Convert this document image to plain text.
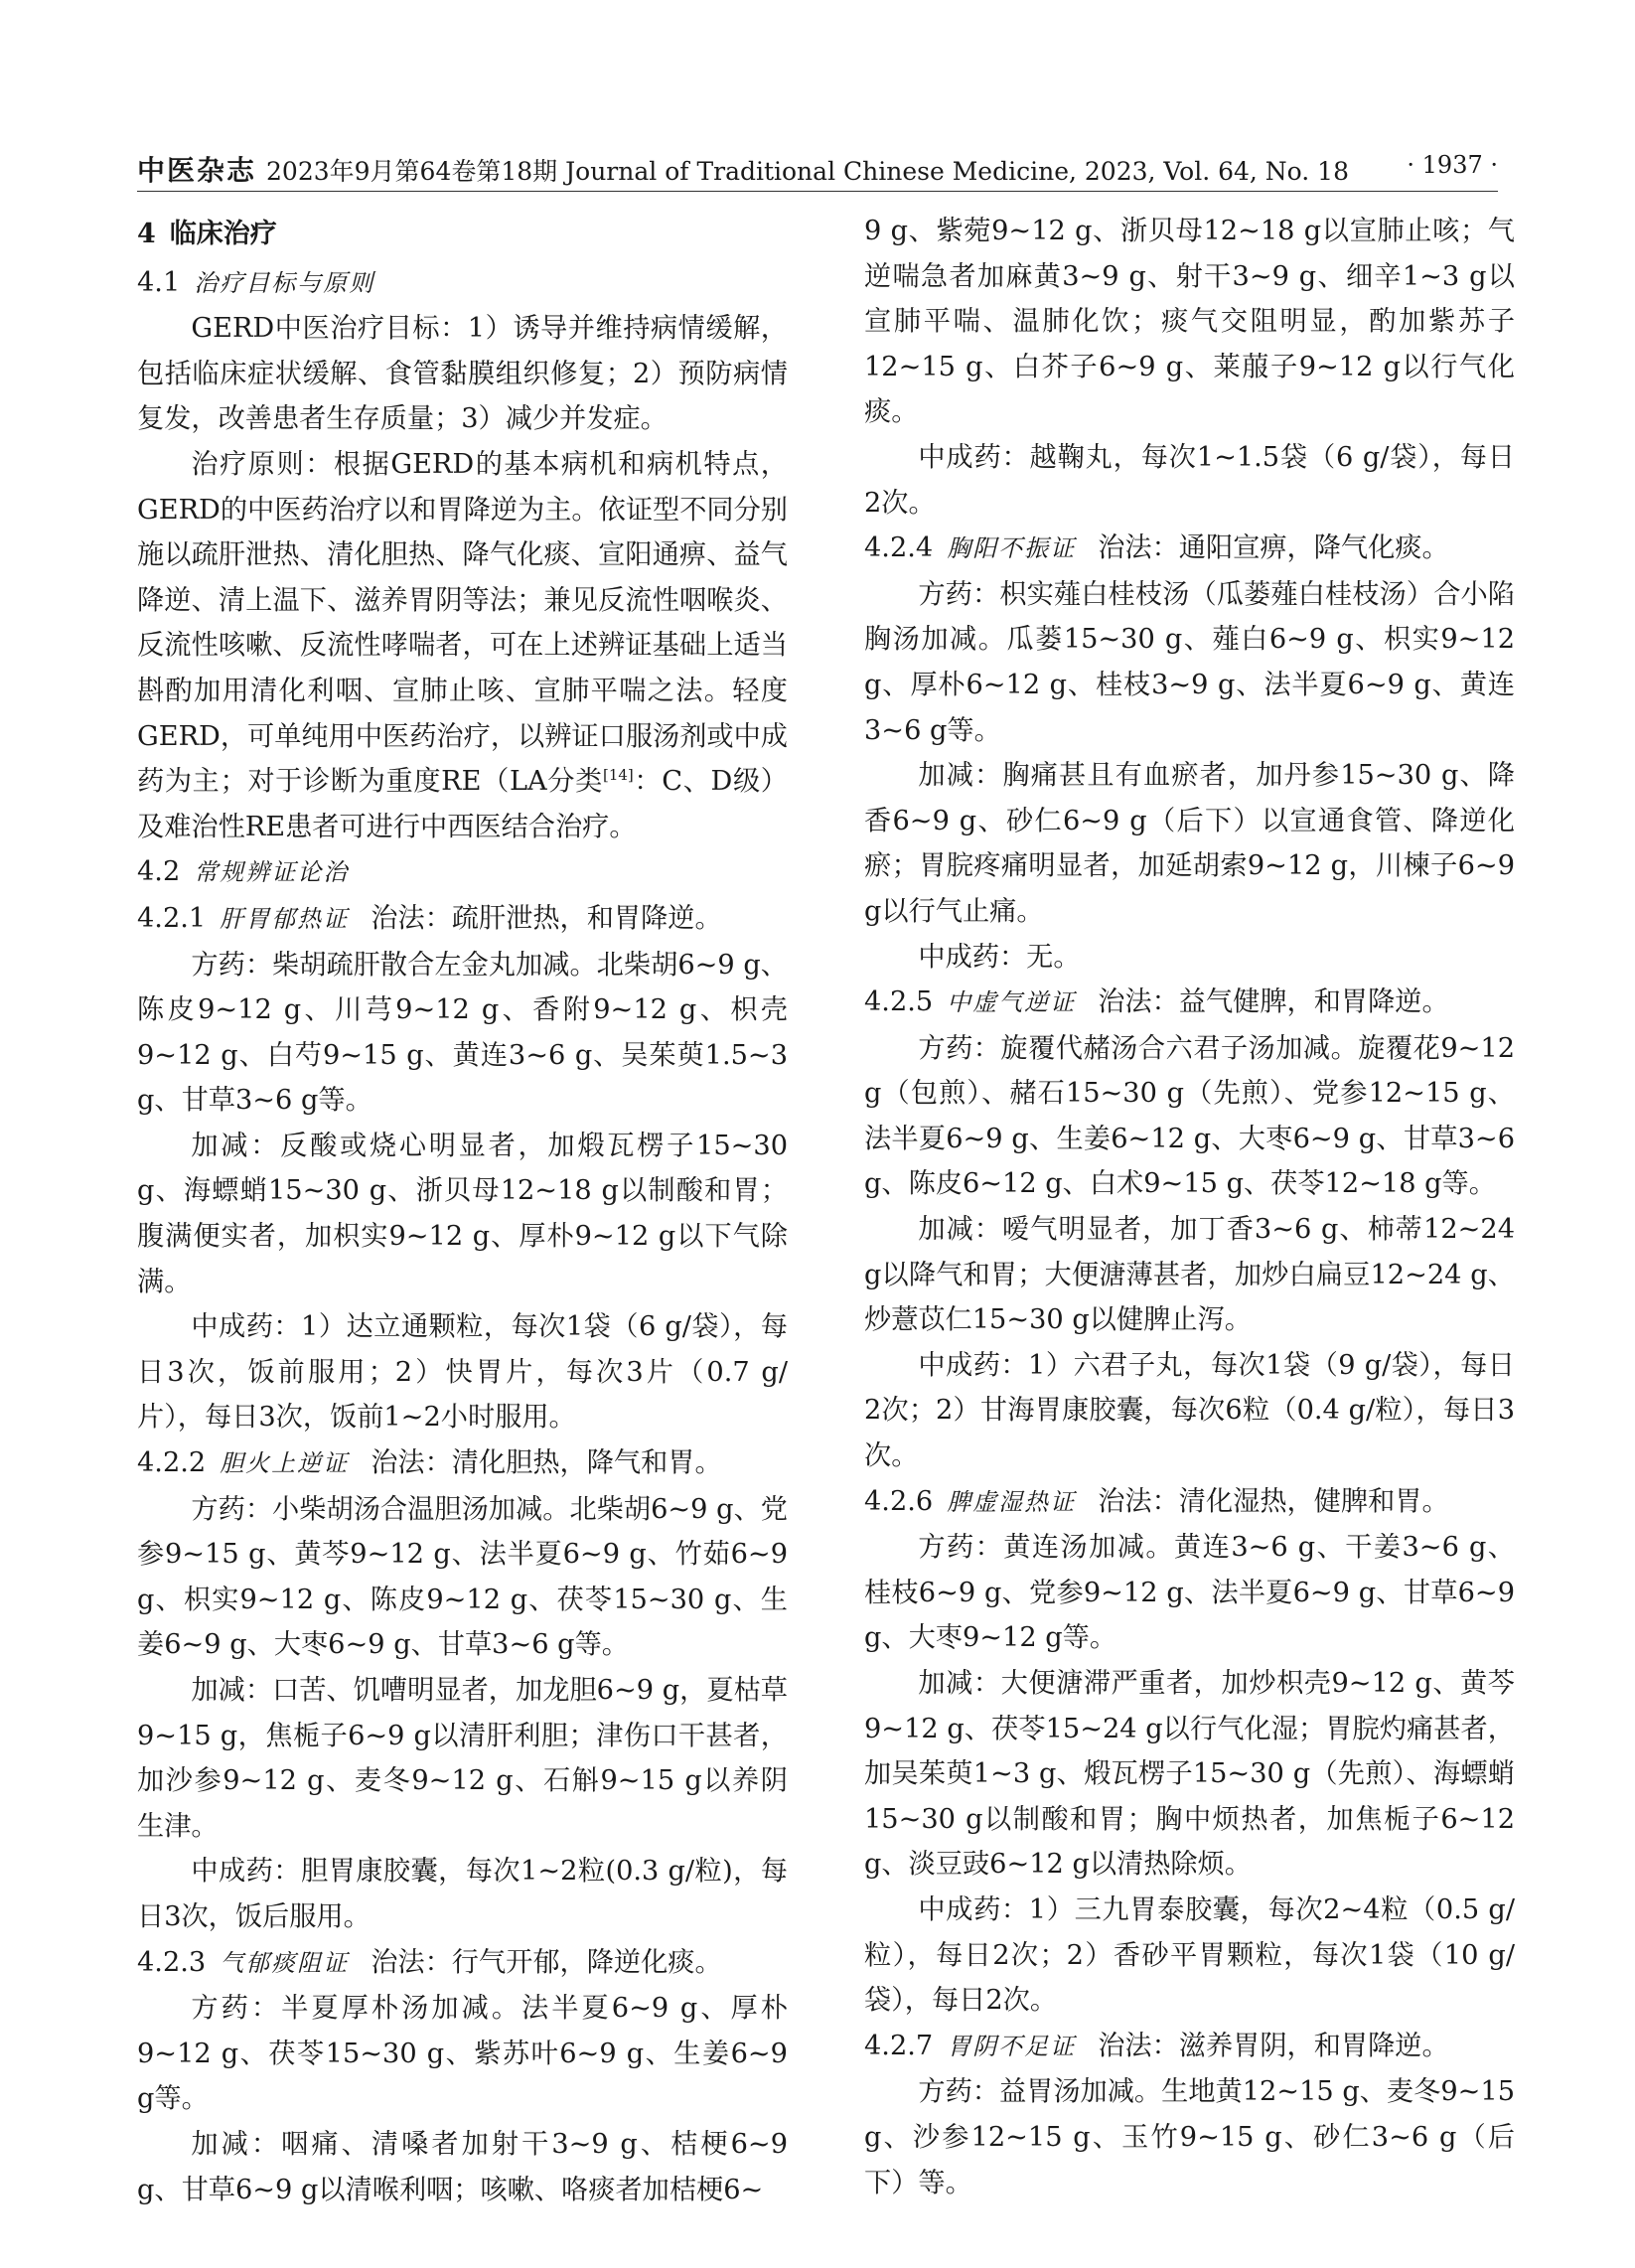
中医杂志 2023年9月第64卷第18期 Journal of Traditional Chinese Medicine, 2023, Vol. 64, No. 18 · 1937 ·
4 临床治疗
4.1 治疗目标与原则

GERD中医治疗目标：1）诱导并维持病情缓解，包括临床症状缓解、食管黏膜组织修复；2）预防病情复发，改善患者生存质量；3）减少并发症。

治疗原则：根据GERD的基本病机和病机特点，GERD的中医药治疗以和胃降逆为主。依证型不同分别施以疏肝泄热、清化胆热、降气化痰、宣阳通痹、益气降逆、清上温下、滋养胃阴等法；兼见反流性咽喉炎、反流性咳嗽、反流性哮喘者，可在上述辨证基础上适当斟酌加用清化利咽、宣肺止咳、宣肺平喘之法。轻度GERD，可单纯用中医药治疗，以辨证口服汤剂或中成药为主；对于诊断为重度RE（LA分类[14]：C、D级）及难治性RE患者可进行中西医结合治疗。

4.2 常规辨证论治
4.2.1 肝胃郁热证 治法：疏肝泄热，和胃降逆。

方药：柴胡疏肝散合左金丸加减。北柴胡6~9 g、陈皮9~12 g、川芎9~12 g、香附9~12 g、枳壳9~12 g、白芍9~15 g、黄连3~6 g、吴茱萸1.5~3 g、甘草3~6 g等。

加减：反酸或烧心明显者，加煅瓦楞子15~30 g、海螵蛸15~30 g、浙贝母12~18 g以制酸和胃；腹满便实者，加枳实9~12 g、厚朴9~12 g以下气除满。

中成药：1）达立通颗粒，每次1袋（6 g/袋），每日3次，饭前服用；2）快胃片，每次3片（0.7 g/片），每日3次，饭前1~2小时服用。

4.2.2 胆火上逆证 治法：清化胆热，降气和胃。

方药：小柴胡汤合温胆汤加减。北柴胡6~9 g、党参9~15 g、黄芩9~12 g、法半夏6~9 g、竹茹6~9 g、枳实9~12 g、陈皮9~12 g、茯苓15~30 g、生姜6~9 g、大枣6~9 g、甘草3~6 g等。

加减：口苦、饥嘈明显者，加龙胆6~9 g，夏枯草9~15 g，焦栀子6~9 g以清肝利胆；津伤口干甚者，加沙参9~12 g、麦冬9~12 g、石斛9~15 g以养阴生津。

中成药：胆胃康胶囊，每次1~2粒(0.3 g/粒)，每日3次，饭后服用。

4.2.3 气郁痰阻证 治法：行气开郁，降逆化痰。

方药：半夏厚朴汤加减。法半夏6~9 g、厚朴9~12 g、茯苓15~30 g、紫苏叶6~9 g、生姜6~9 g等。

加减：咽痛、清嗓者加射干3~9 g、桔梗6~9 g、甘草6~9 g以清喉利咽；咳嗽、咯痰者加桔梗6~

9 g、紫菀9~12 g、浙贝母12~18 g以宣肺止咳；气逆喘急者加麻黄3~9 g、射干3~9 g、细辛1~3 g以宣肺平喘、温肺化饮；痰气交阻明显，酌加紫苏子12~15 g、白芥子6~9 g、莱菔子9~12 g以行气化痰。

中成药：越鞠丸，每次1~1.5袋（6 g/袋），每日2次。

4.2.4 胸阳不振证 治法：通阳宣痹，降气化痰。

方药：枳实薤白桂枝汤（瓜蒌薤白桂枝汤）合小陷胸汤加减。瓜蒌15~30 g、薤白6~9 g、枳实9~12 g、厚朴6~12 g、桂枝3~9 g、法半夏6~9 g、黄连3~6 g等。

加减：胸痛甚且有血瘀者，加丹参15~30 g、降香6~9 g、砂仁6~9 g（后下）以宣通食管、降逆化瘀；胃脘疼痛明显者，加延胡索9~12 g，川楝子6~9 g以行气止痛。

中成药：无。

4.2.5 中虚气逆证 治法：益气健脾，和胃降逆。

方药：旋覆代赭汤合六君子汤加减。旋覆花9~12 g（包煎）、赭石15~30 g（先煎）、党参12~15 g、法半夏6~9 g、生姜6~12 g、大枣6~9 g、甘草3~6 g、陈皮6~12 g、白术9~15 g、茯苓12~18 g等。

加减：嗳气明显者，加丁香3~6 g、柿蒂12~24 g以降气和胃；大便溏薄甚者，加炒白扁豆12~24 g、炒薏苡仁15~30 g以健脾止泻。

中成药：1）六君子丸，每次1袋（9 g/袋），每日2次；2）甘海胃康胶囊，每次6粒（0.4 g/粒），每日3次。

4.2.6 脾虚湿热证 治法：清化湿热，健脾和胃。

方药：黄连汤加减。黄连3~6 g、干姜3~6 g、桂枝6~9 g、党参9~12 g、法半夏6~9 g、甘草6~9 g、大枣9~12 g等。

加减：大便溏滞严重者，加炒枳壳9~12 g、黄芩9~12 g、茯苓15~24 g以行气化湿；胃脘灼痛甚者，加吴茱萸1~3 g、煅瓦楞子15~30 g（先煎）、海螵蛸15~30 g以制酸和胃；胸中烦热者，加焦栀子6~12 g、淡豆豉6~12 g以清热除烦。

中成药：1）三九胃泰胶囊，每次2~4粒（0.5 g/粒），每日2次；2）香砂平胃颗粒，每次1袋（10 g/袋），每日2次。

4.2.7 胃阴不足证 治法：滋养胃阴，和胃降逆。

方药：益胃汤加减。生地黄12~15 g、麦冬9~15 g、沙参12~15 g、玉竹9~15 g、砂仁3~6 g（后下）等。
